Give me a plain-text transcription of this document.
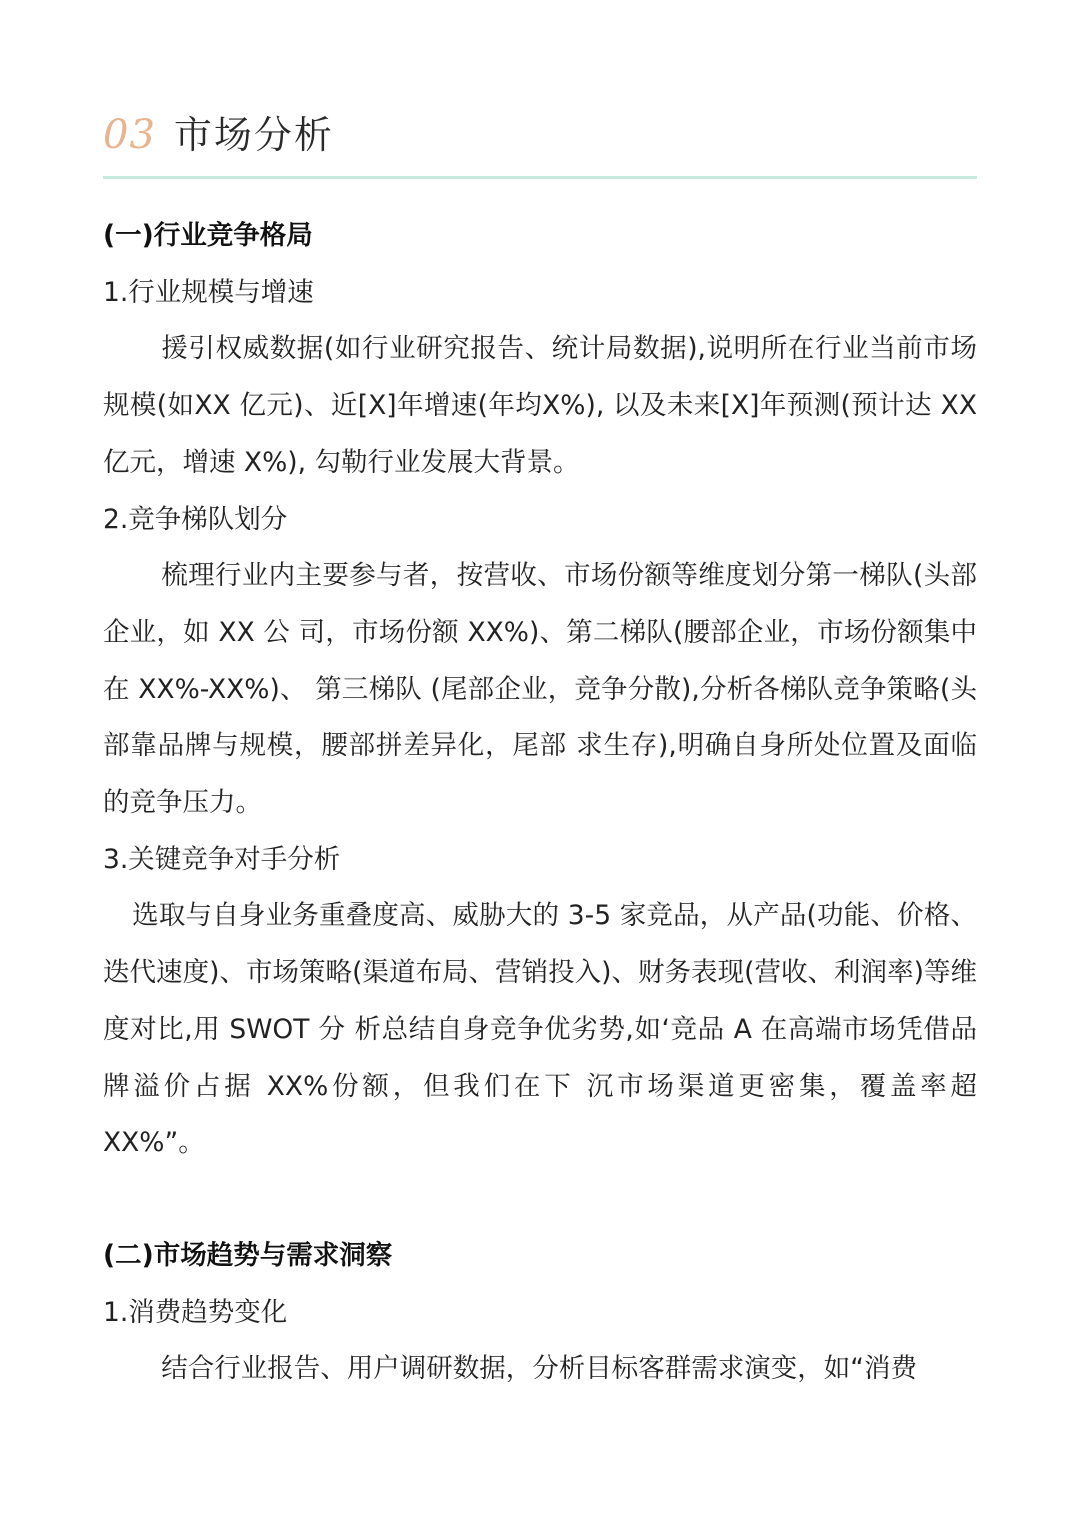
03 市场分析

(一)行业竞争格局

1.行业规模与增速

援引权威数据(如行业研究报告、统计局数据),说明所在行业当前市场规模(如XX 亿元)、近[X]年增速(年均X%), 以及未来[X]年预测(预计达 XX 亿元，增速 X%), 勾勒行业发展大背景。

2.竞争梯队划分

梳理行业内主要参与者，按营收、市场份额等维度划分第一梯队(头部企业，如 XX 公 司，市场份额 XX%)、第二梯队(腰部企业，市场份额集中在 XX%-XX%)、 第三梯队 (尾部企业，竞争分散),分析各梯队竞争策略(头部靠品牌与规模，腰部拼差异化，尾部 求生存),明确自身所处位置及面临的竞争压力。

3.关键竞争对手分析

选取与自身业务重叠度高、威胁大的 3-5 家竞品，从产品(功能、价格、迭代速度)、市场策略(渠道布局、营销投入)、财务表现(营收、利润率)等维度对比,用 SWOT 分 析总结自身竞争优劣势,如‘竞品 A 在高端市场凭借品牌溢价占据 XX%份额，但我们在下 沉市场渠道更密集，覆盖率超 XX%”。

(二)市场趋势与需求洞察

1.消费趋势变化

结合行业报告、用户调研数据，分析目标客群需求演变，如“消费
